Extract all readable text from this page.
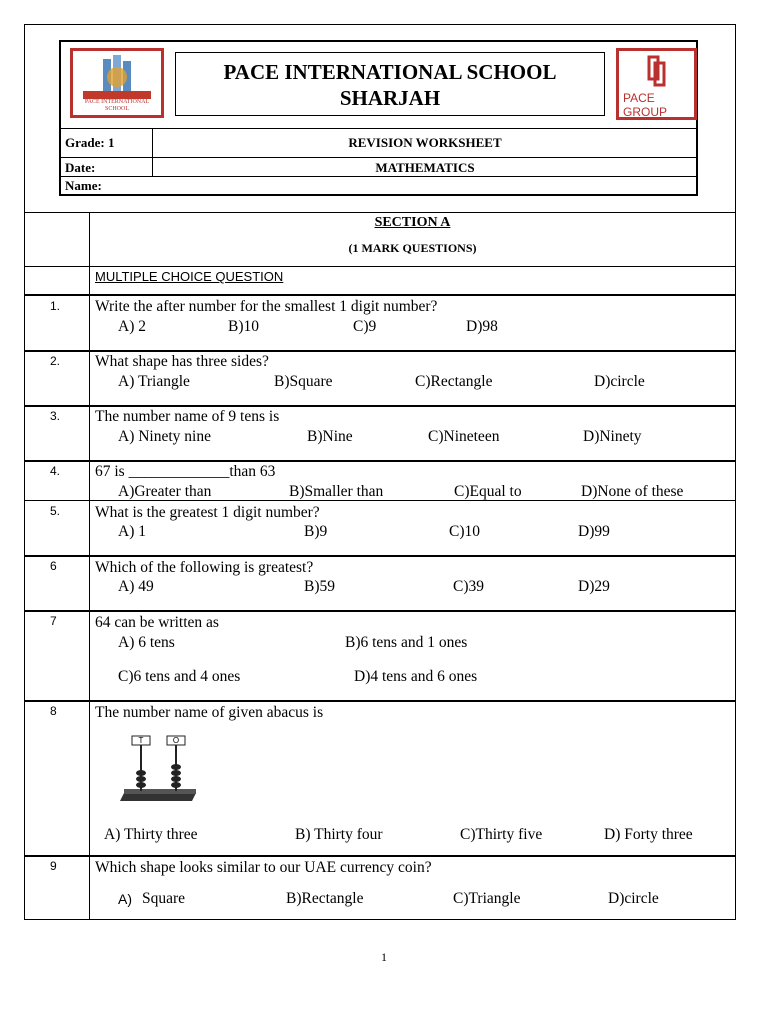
PACE INTERNATIONAL SCHOOL
PACE INTERNATIONAL SCHOOL
SHARJAH	PACE GROUP
Grade: 1	REVISION WORKSHEET
Date:	MATHEMATICS
Name:
SECTION A
(1 MARK QUESTIONS)
MULTIPLE CHOICE QUESTION
1. Write the after number for the smallest 1 digit number?
A) 2	B)10	C)9	D)98
2. What shape has three sides?
A) Triangle	B)Square	C)Rectangle	D)circle
3. The number name of 9 tens is
A) Ninety nine	B)Nine	C)Nineteen	D)Ninety
4. 67 is _____________than 63
A)Greater than	B)Smaller than	C)Equal to	D)None of these
5. What is the greatest 1 digit number?
A) 1	B)9	C)10	D)99
6 Which of the following is greatest?
A) 49	B)59	C)39	D)29
7 64 can be written as
A) 6 tens	B)6 tens and 1 ones
C)6 tens and 4 ones	D)4 tens and 6 ones
8 The number name of given abacus is
T	O
A) Thirty three	B) Thirty four	C)Thirty five	D) Forty three
9 Which shape looks similar to our UAE currency coin?
A) Square	B)Rectangle	C)Triangle	D)circle
1
